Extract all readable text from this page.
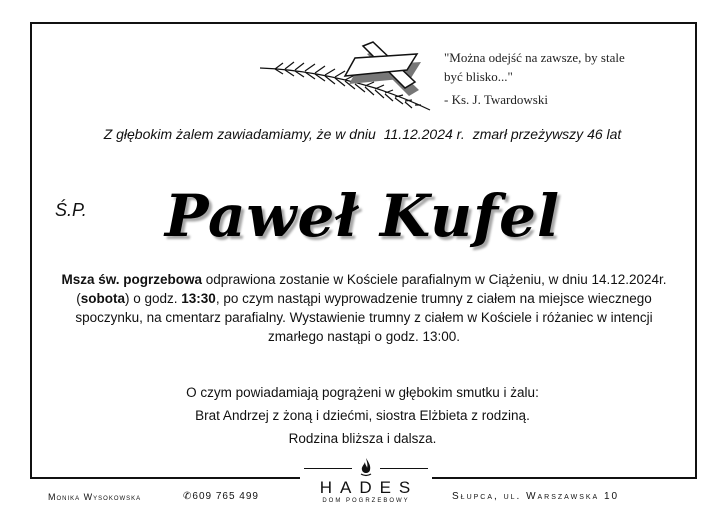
"Można odejść na zawsze, by stale
być blisko..."
- Ks. J. Twardowski
Z głębokim żalem zawiadamiamy, że w dniu 11.12.2024 r. zmarł przeżywszy 46 lat
Ś.P.	Paweł Kufel
Msza św. pogrzebowa odprawiona zostanie w Kościele parafialnym w Ciążeniu, w dniu 14.12.2024r. (sobota) o godz. 13:30, po czym nastąpi wyprowadzenie trumny z ciałem na miejsce wiecznego spoczynku, na cmentarz parafialny. Wystawienie trumny z ciałem w Kościele i różaniec w intencji zmarłego nastąpi o godz. 13:00.
O czym powiadamiają pogrążeni w głębokim smutku i żalu:
Brat Andrzej z żoną i dziećmi, siostra Elżbieta z rodziną.
Rodzina bliższa i dalsza.
Monika Wysokowska	✆609 765 499	Słupca, ul. Warszawska 10
HADES
DOM POGRZEBOWY
